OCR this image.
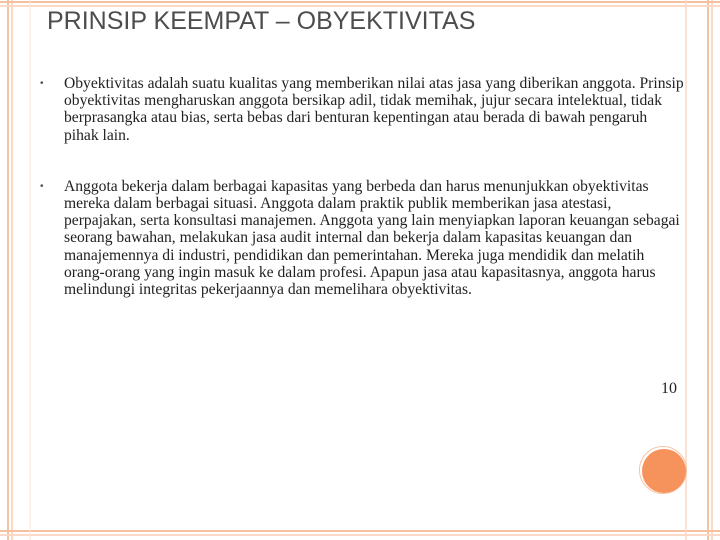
PRINSIP KEEMPAT – OBYEKTIVITAS
• Obyektivitas adalah suatu kualitas yang memberikan nilai atas jasa yang diberikan anggota. Prinsip obyektivitas mengharuskan anggota bersikap adil, tidak memihak, jujur secara intelektual, tidak berprasangka atau bias, serta bebas dari benturan kepentingan atau berada di bawah pengaruh pihak lain.
• Anggota bekerja dalam berbagai kapasitas yang berbeda dan harus menunjukkan obyektivitas mereka dalam berbagai situasi. Anggota dalam praktik publik memberikan jasa atestasi, perpajakan, serta konsultasi manajemen. Anggota yang lain menyiapkan laporan keuangan sebagai seorang bawahan, melakukan jasa audit internal dan bekerja dalam kapasitas keuangan dan manajemennya di industri, pendidikan dan pemerintahan. Mereka juga mendidik dan melatih orang-orang yang ingin masuk ke dalam profesi. Apapun jasa atau kapasitasnya, anggota harus melindungi integritas pekerjaannya dan memelihara obyektivitas.
10
